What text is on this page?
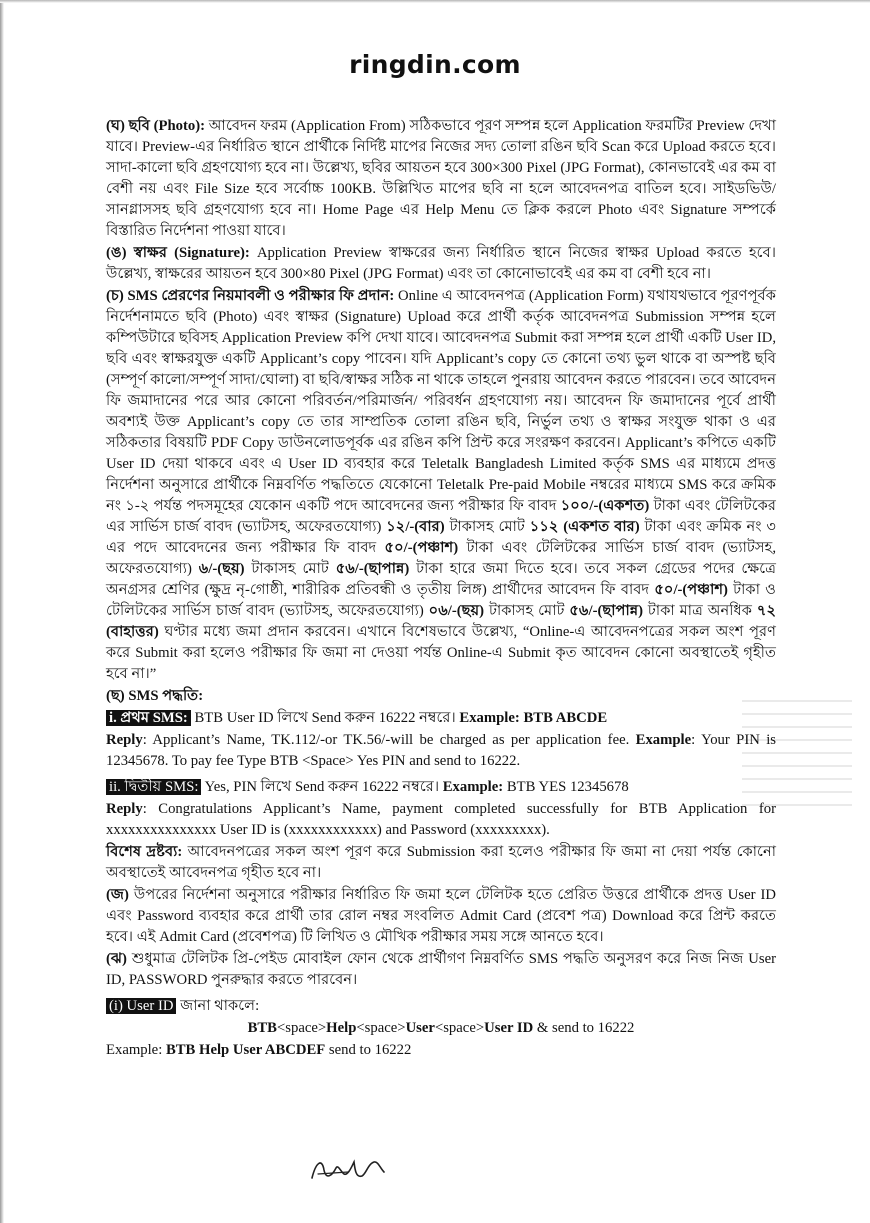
ringdin.com

(ঘ) ছবি (Photo): আবেদন ফরম (Application From) সঠিকভাবে পূরণ সম্পন্ন হলে Application ফরমটির Preview দেখা যাবে। Preview-এর নির্ধারিত স্থানে প্রার্থীকে নির্দিষ্ট মাপের নিজের সদ্য তোলা রঙিন ছবি Scan করে Upload করতে হবে। সাদা-কালো ছবি গ্রহণযোগ্য হবে না। উল্লেখ্য, ছবির আয়তন হবে 300×300 Pixel (JPG Format), কোনভাবেই এর কম বা বেশী নয় এবং File Size হবে সর্বোচ্চ 100KB. উল্লিখিত মাপের ছবি না হলে আবেদনপত্র বাতিল হবে। সাইডভিউ/সানগ্লাসসহ ছবি গ্রহণযোগ্য হবে না। Home Page এর Help Menu তে ক্লিক করলে Photo এবং Signature সম্পর্কে বিস্তারিত নির্দেশনা পাওয়া যাবে।

(ঙ) স্বাক্ষর (Signature): Application Preview স্বাক্ষরের জন্য নির্ধারিত স্থানে নিজের স্বাক্ষর Upload করতে হবে। উল্লেখ্য, স্বাক্ষরের আয়তন হবে 300×80 Pixel (JPG Format) এবং তা কোনোভাবেই এর কম বা বেশী হবে না।

(চ) SMS প্রেরণের নিয়মাবলী ও পরীক্ষার ফি প্রদান: Online এ আবেদনপত্র (Application Form) যথাযথভাবে পূরণপূর্বক নির্দেশনামতে ছবি (Photo) এবং স্বাক্ষর (Signature) Upload করে প্রার্থী কর্তৃক আবেদনপত্র Submission সম্পন্ন হলে কম্পিউটারে ছবিসহ Application Preview কপি দেখা যাবে। আবেদনপত্র Submit করা সম্পন্ন হলে প্রার্থী একটি User ID, ছবি এবং স্বাক্ষরযুক্ত একটি Applicant’s copy পাবেন। যদি Applicant’s copy তে কোনো তথ্য ভুল থাকে বা অস্পষ্ট ছবি (সম্পূর্ণ কালো/সম্পূর্ণ সাদা/ঘোলা) বা ছবি/স্বাক্ষর সঠিক না থাকে তাহলে পুনরায় আবেদন করতে পারবেন। তবে আবেদন ফি জমাদানের পরে আর কোনো পরিবর্তন/পরিমার্জন/ পরিবর্ধন গ্রহণযোগ্য নয়। আবেদন ফি জমাদানের পূর্বে প্রার্থী অবশ্যই উক্ত Applicant’s copy তে তার সাম্প্রতিক তোলা রঙিন ছবি, নির্ভুল তথ্য ও স্বাক্ষর সংযুক্ত থাকা ও এর সঠিকতার বিষয়টি PDF Copy ডাউনলোডপূর্বক এর রঙিন কপি প্রিন্ট করে সংরক্ষণ করবেন। Applicant’s কপিতে একটি User ID দেয়া থাকবে এবং এ User ID ব্যবহার করে Teletalk Bangladesh Limited কর্তৃক SMS এর মাধ্যমে প্রদত্ত নির্দেশনা অনুসারে প্রার্থীকে নিম্নবর্ণিত পদ্ধতিতে যেকোনো Teletalk Pre-paid Mobile নম্বরের মাধ্যমে SMS করে ক্রমিক নং ১-২ পর্যন্ত পদসমূহের যেকোন একটি পদে আবেদনের জন্য পরীক্ষার ফি বাবদ ১০০/-(একশত) টাকা এবং টেলিটকের এর সার্ভিস চার্জ বাবদ (ভ্যাটসহ, অফেরতযোগ্য) ১২/-(বার) টাকাসহ মোট ১১২ (একশত বার) টাকা এবং ক্রমিক নং ৩ এর পদে আবেদনের জন্য পরীক্ষার ফি বাবদ ৫০/-(পঞ্চাশ) টাকা এবং টেলিটকের সার্ভিস চার্জ বাবদ (ভ্যাটসহ, অফেরতযোগ্য) ৬/-(ছয়) টাকাসহ মোট ৫৬/-(ছাপান্ন) টাকা হারে জমা দিতে হবে। তবে সকল গ্রেডের পদের ক্ষেত্রে অনগ্রসর শ্রেণির (ক্ষুদ্র নৃ-গোষ্ঠী, শারীরিক প্রতিবন্ধী ও তৃতীয় লিঙ্গ) প্রার্থীদের আবেদন ফি বাবদ ৫০/-(পঞ্চাশ) টাকা ও টেলিটকের সার্ভিস চার্জ বাবদ (ভ্যাটসহ, অফেরতযোগ্য) ০৬/-(ছয়) টাকাসহ মোট ৫৬/-(ছাপান্ন) টাকা মাত্র অনধিক ৭২ (বাহাত্তর) ঘণ্টার মধ্যে জমা প্রদান করবেন। এখানে বিশেষভাবে উল্লেখ্য, “Online-এ আবেদনপত্রের সকল অংশ পূরণ করে Submit করা হলেও পরীক্ষার ফি জমা না দেওয়া পর্যন্ত Online-এ Submit কৃত আবেদন কোনো অবস্থাতেই গৃহীত হবে না।”

(ছ) SMS পদ্ধতি:

i. প্রথম SMS: BTB User ID লিখে Send করুন 16222 নম্বরে। Example: BTB ABCDE

Reply: Applicant’s Name, TK.112/-or TK.56/-will be charged as per application fee. Example: Your PIN is 12345678. To pay fee Type BTB <Space> Yes PIN and send to 16222.

ii. দ্বিতীয় SMS: Yes, PIN লিখে Send করুন 16222 নম্বরে। Example: BTB YES 12345678

Reply: Congratulations Applicant’s Name, payment completed successfully for BTB Application for xxxxxxxxxxxxxxx User ID is (xxxxxxxxxxxx) and Password (xxxxxxxxx).

বিশেষ দ্রষ্টব্য: আবেদনপত্রের সকল অংশ পূরণ করে Submission করা হলেও পরীক্ষার ফি জমা না দেয়া পর্যন্ত কোনো অবস্থাতেই আবেদনপত্র গৃহীত হবে না।

(জ) উপরের নির্দেশনা অনুসারে পরীক্ষার নির্ধারিত ফি জমা হলে টেলিটক হতে প্রেরিত উত্তরে প্রার্থীকে প্রদত্ত User ID এবং Password ব্যবহার করে প্রার্থী তার রোল নম্বর সংবলিত Admit Card (প্রবেশ পত্র) Download করে প্রিন্ট করতে হবে। এই Admit Card (প্রবেশপত্র) টি লিখিত ও মৌখিক পরীক্ষার সময় সঙ্গে আনতে হবে।

(ঝ) শুধুমাত্র টেলিটক প্রি-পেইড মোবাইল ফোন থেকে প্রার্থীগণ নিম্নবর্ণিত SMS পদ্ধতি অনুসরণ করে নিজ নিজ User ID, PASSWORD পুনরুদ্ধার করতে পারবেন।

(i) User ID জানা থাকলে:

BTB<space>Help<space>User<space>User ID & send to 16222

Example: BTB Help User ABCDEF send to 16222
